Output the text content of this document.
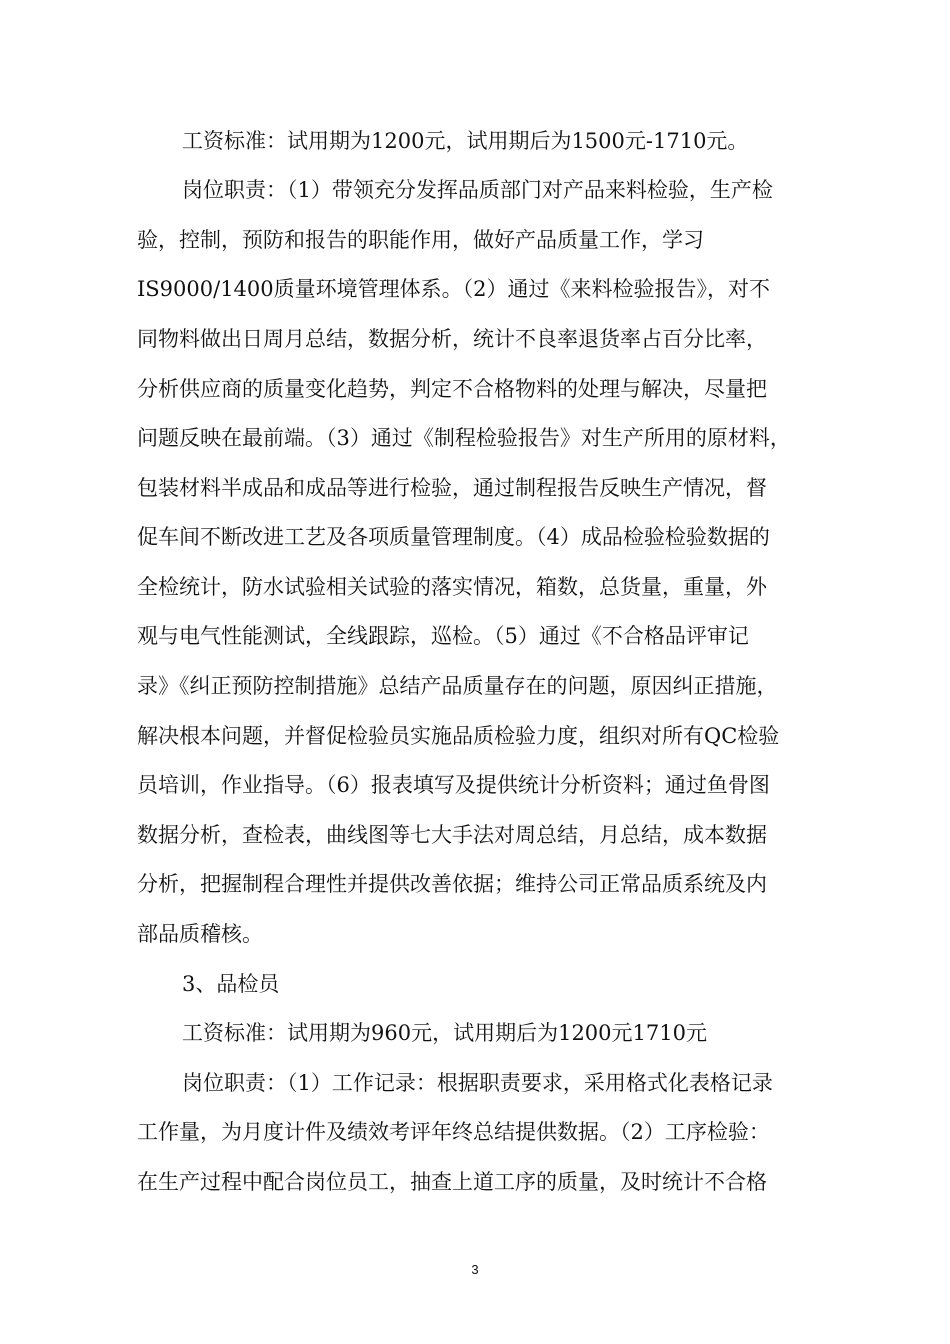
工资标准：试用期为1200元，试用期后为1500元-1710元。
岗位职责：（1）带领充分发挥品质部门对产品来料检验，生产检
验，控制，预防和报告的职能作用，做好产品质量工作，学习
IS9000/1400质量环境管理体系。（2）通过《来料检验报告》，对不
同物料做出日周月总结，数据分析，统计不良率退货率占百分比率，
分析供应商的质量变化趋势，判定不合格物料的处理与解决，尽量把
问题反映在最前端。（3）通过《制程检验报告》对生产所用的原材料，
包装材料半成品和成品等进行检验，通过制程报告反映生产情况，督
促车间不断改进工艺及各项质量管理制度。（4）成品检验检验数据的
全检统计，防水试验相关试验的落实情况，箱数，总货量，重量，外
观与电气性能测试，全线跟踪，巡检。（5）通过《不合格品评审记
录》《纠正预防控制措施》总结产品质量存在的问题，原因纠正措施，
解决根本问题，并督促检验员实施品质检验力度，组织对所有QC检验
员培训，作业指导。（6）报表填写及提供统计分析资料；通过鱼骨图
数据分析，查检表，曲线图等七大手法对周总结，月总结，成本数据
分析，把握制程合理性并提供改善依据；维持公司正常品质系统及内
部品质稽核。
3、品检员
工资标准：试用期为960元，试用期后为1200元1710元
岗位职责：（1）工作记录：根据职责要求，采用格式化表格记录
工作量，为月度计件及绩效考评年终总结提供数据。（2）工序检验：
在生产过程中配合岗位员工，抽查上道工序的质量，及时统计不合格
3
